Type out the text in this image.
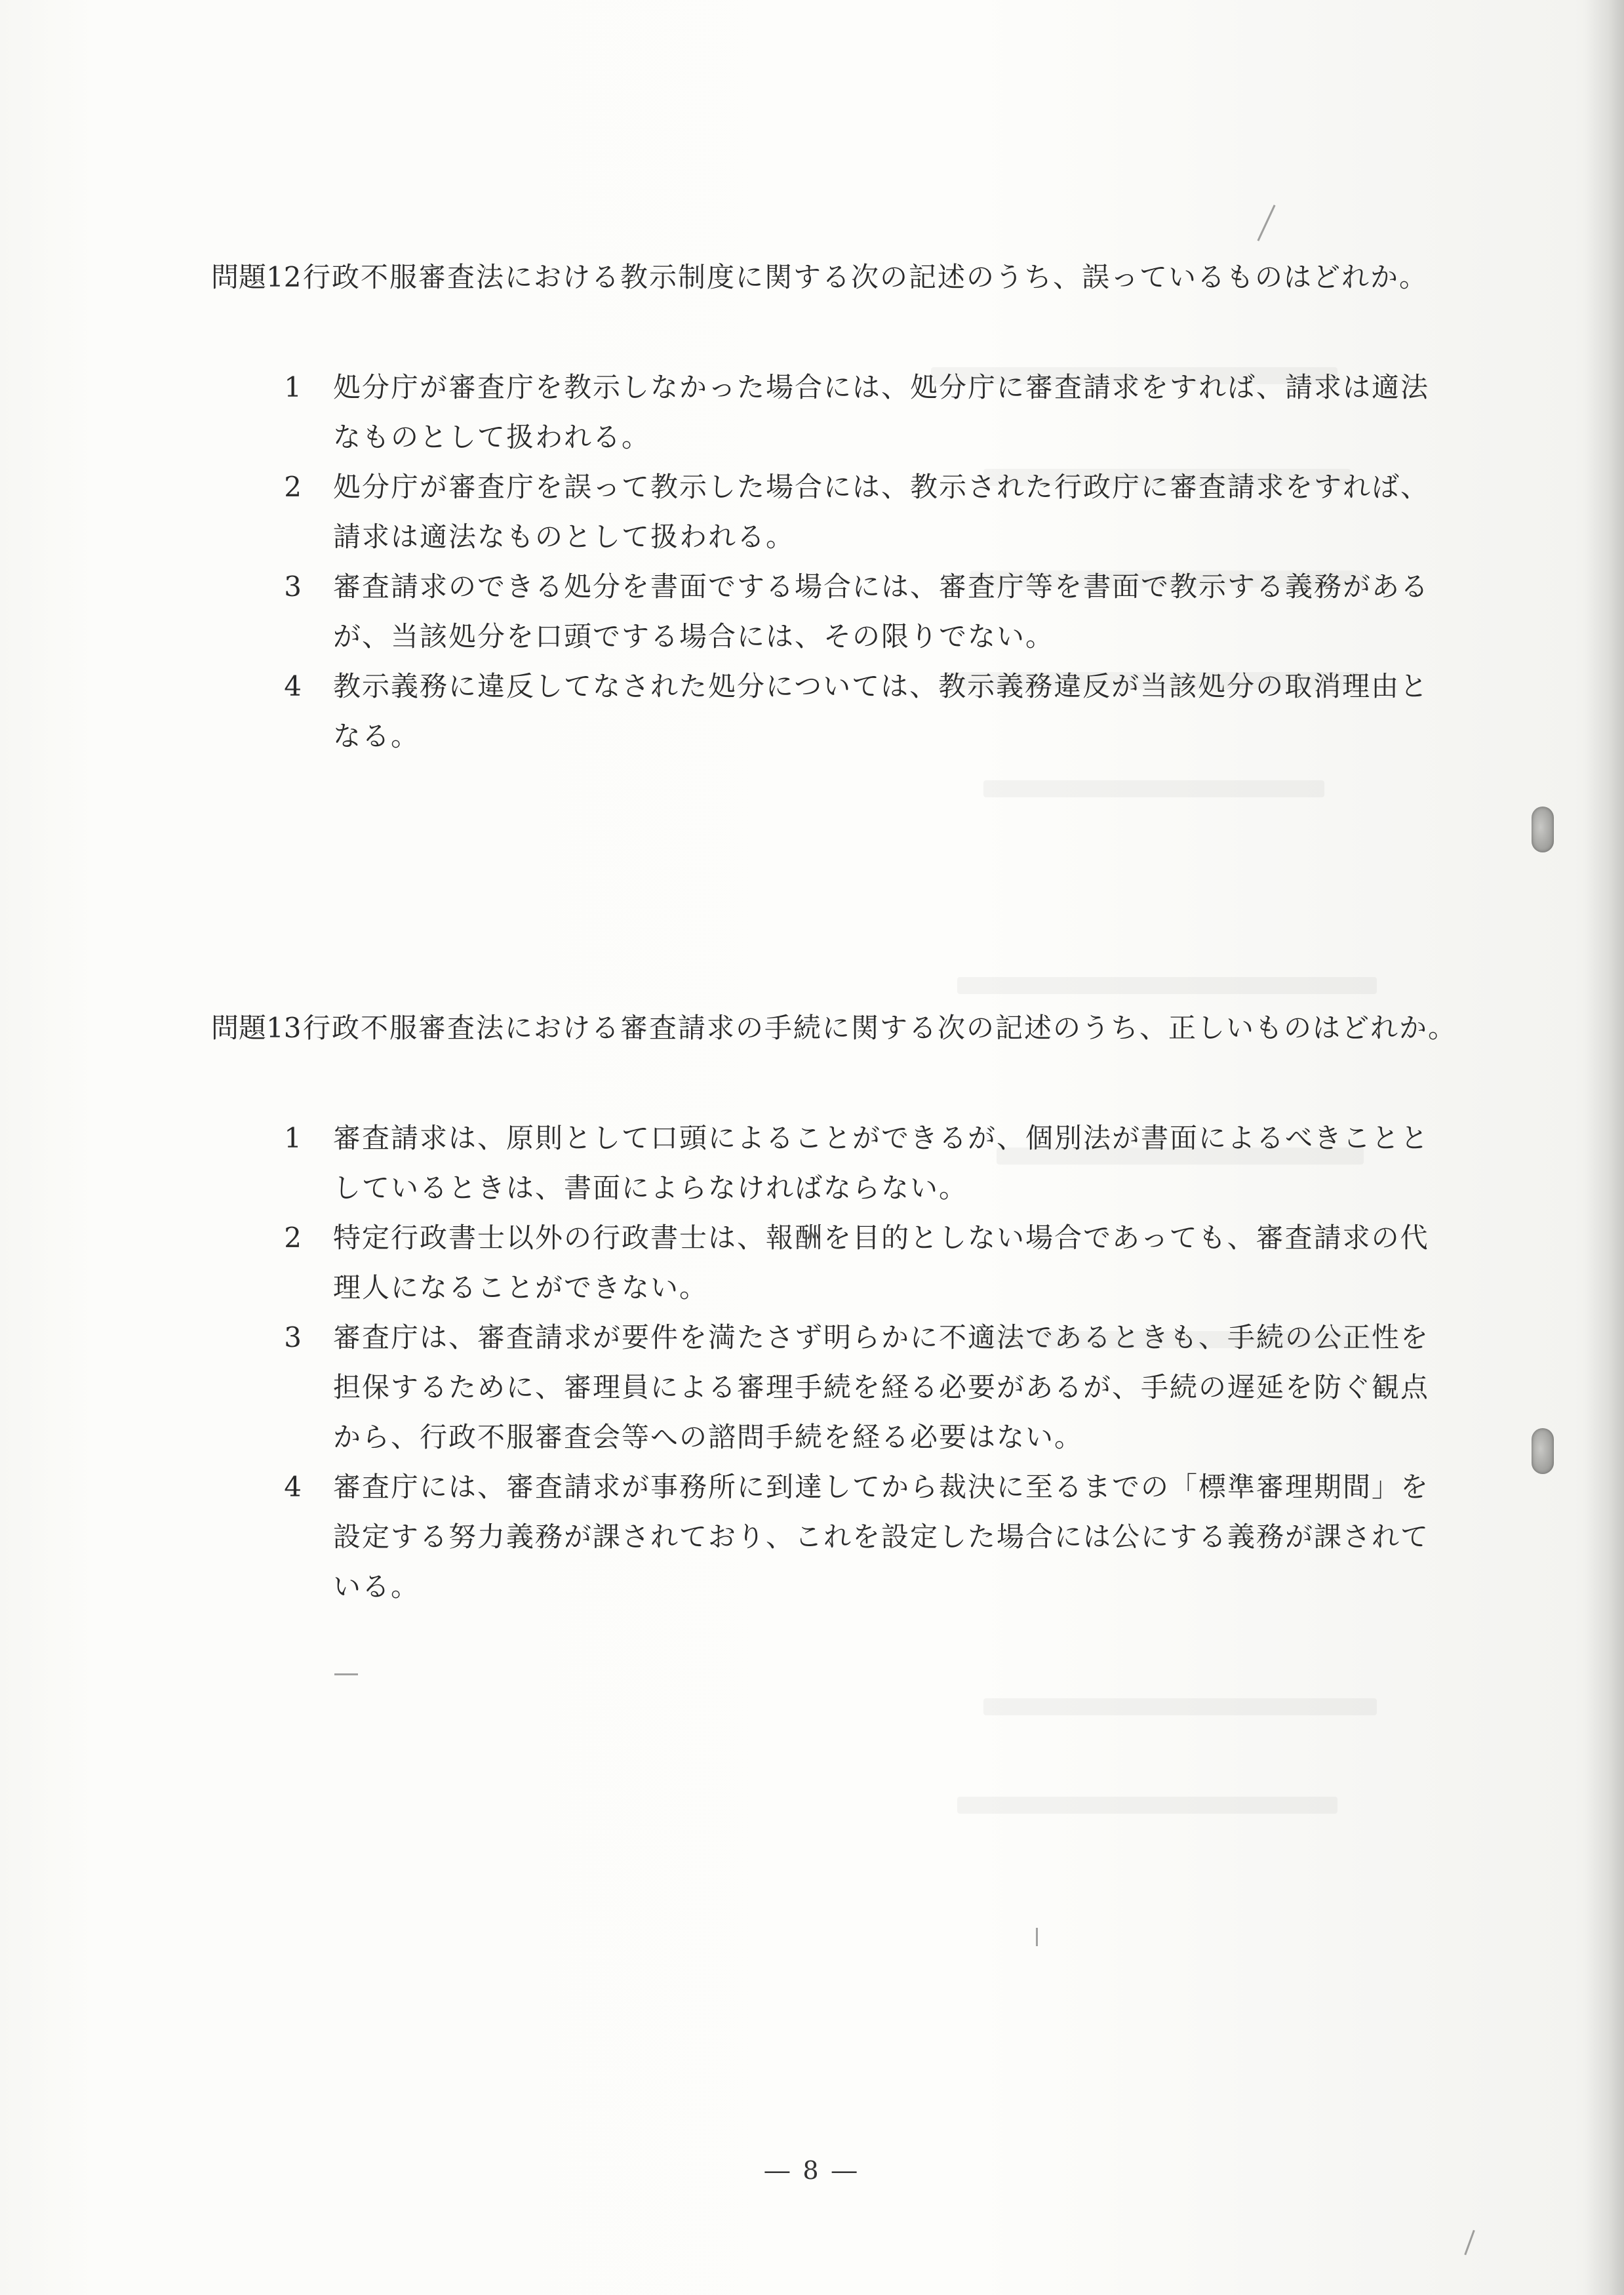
問題12 行政不服審査法における教示制度に関する次の記述のうち、誤っているものはどれか。
1 処分庁が審査庁を教示しなかった場合には、処分庁に審査請求をすれば、請求は適法なものとして扱われる。
2 処分庁が審査庁を誤って教示した場合には、教示された行政庁に審査請求をすれば、請求は適法なものとして扱われる。
3 審査請求のできる処分を書面でする場合には、審査庁等を書面で教示する義務があるが、当該処分を口頭でする場合には、その限りでない。
4 教示義務に違反してなされた処分については、教示義務違反が当該処分の取消理由となる。
問題13 行政不服審査法における審査請求の手続に関する次の記述のうち、正しいものはどれか。
1 審査請求は、原則として口頭によることができるが、個別法が書面によるべきこととしているときは、書面によらなければならない。
2 特定行政書士以外の行政書士は、報酬を目的としない場合であっても、審査請求の代理人になることができない。
3 審査庁は、審査請求が要件を満たさず明らかに不適法であるときも、手続の公正性を担保するために、審理員による審理手続を経る必要があるが、手続の遅延を防ぐ観点から、行政不服審査会等への諮問手続を経る必要はない。
4 審査庁には、審査請求が事務所に到達してから裁決に至るまでの「標準審理期間」を設定する努力義務が課されており、これを設定した場合には公にする義務が課されている。
― 8 ―
